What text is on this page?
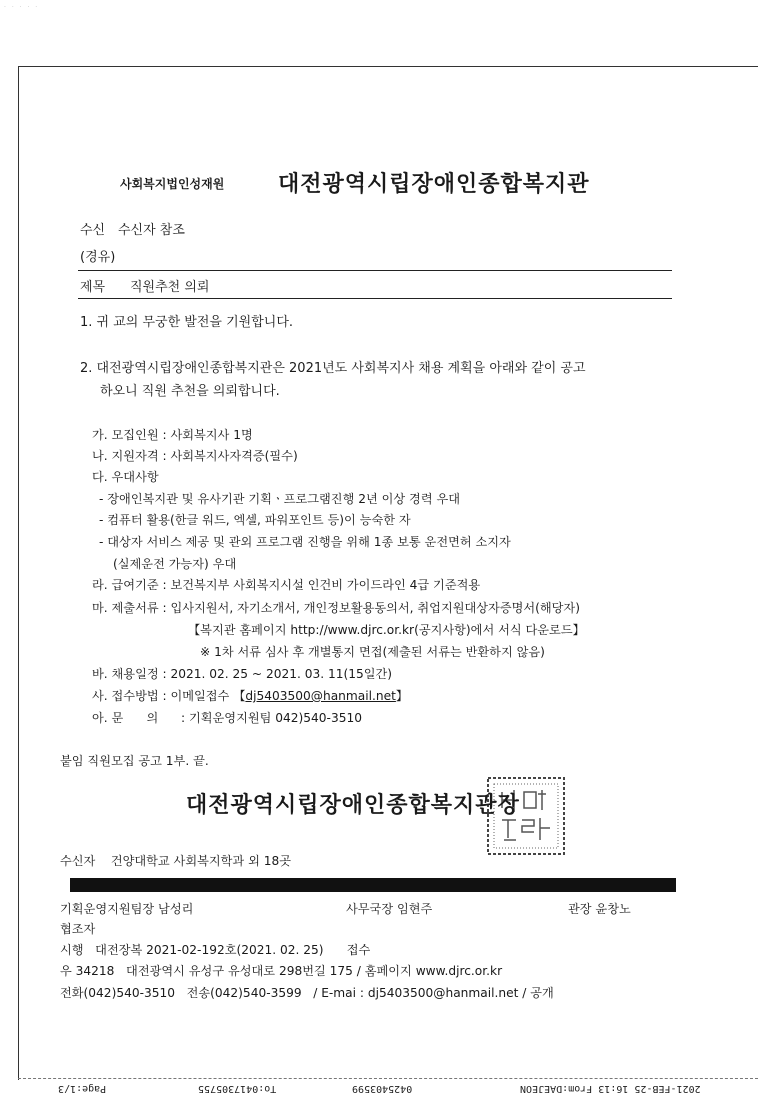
· · · · ·
사회복지법인성재원 대전광역시립장애인종합복지관
수신 수신자 참조
(경유)
제목 직원추천 의뢰
1. 귀 교의 무궁한 발전을 기원합니다.
2. 대전광역시립장애인종합복지관은 2021년도 사회복지사 채용 계획을 아래와 같이 공고
하오니 직원 추천을 의뢰합니다.
가. 모집인원 : 사회복지사 1명
나. 지원자격 : 사회복지사자격증(필수)
다. 우대사항
- 장애인복지관 및 유사기관 기획ㆍ프로그램진행 2년 이상 경력 우대
- 컴퓨터 활용(한글 워드, 엑셀, 파워포인트 등)이 능숙한 자
- 대상자 서비스 제공 및 관외 프로그램 진행을 위해 1종 보통 운전면허 소지자
(실제운전 가능자) 우대
라. 급여기준 : 보건복지부 사회복지시설 인건비 가이드라인 4급 기준적용
마. 제출서류 : 입사지원서, 자기소개서, 개인정보활용동의서, 취업지원대상자증명서(해당자)
【복지관 홈페이지 http://www.djrc.or.kr(공지사항)에서 서식 다운로드】
※ 1차 서류 심사 후 개별통지 면접(제출된 서류는 반환하지 않음)
바. 채용일정 : 2021. 02. 25 ~ 2021. 03. 11(15일간)
사. 접수방법 : 이메일접수 【dj5403500@hanmail.net】
아. 문      의 : 기획운영지원팀 042)540-3510
붙임 직원모집 공고 1부. 끝.
대전광역시립장애인종합복지관장
수신자    건양대학교 사회복지학과 외 18곳
기획운영지원팀장 남성리	사무국장 임현주	관장 윤창노
협조자
시행   대전장복 2021-02-192호(2021. 02. 25)      접수
우 34218   대전광역시 유성구 유성대로 298번길 175 / 홈페이지 www.djrc.or.kr
전화(042)540-3510   전송(042)540-3599   / E-mai : dj5403500@hanmail.net / 공개
Page:1/3	To:0417305755	0425403599	2021-FEB-25 16:13 From:DAEJEON
